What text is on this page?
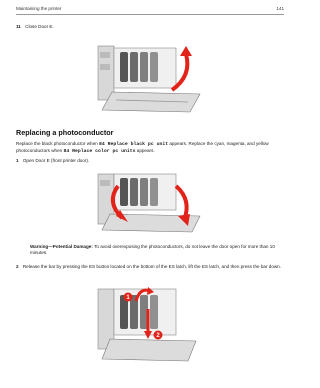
Maintaining the printer	141
11 Close Door E.
Replacing a photoconductor
Replace the black photoconductor when 84 Replace black pc unit appears. Replace the cyan, magenta, and yellow photoconductors when 84 Replace color pc units appears.
1 Open Door E (front printer door).
Warning—Potential Damage: To avoid overexposing the photoconductors, do not leave the door open for more than 10 minutes.
2 Release the bar by pressing the ES button located on the bottom of the ES latch, lift the ES latch, and then press the bar down.
1
2
